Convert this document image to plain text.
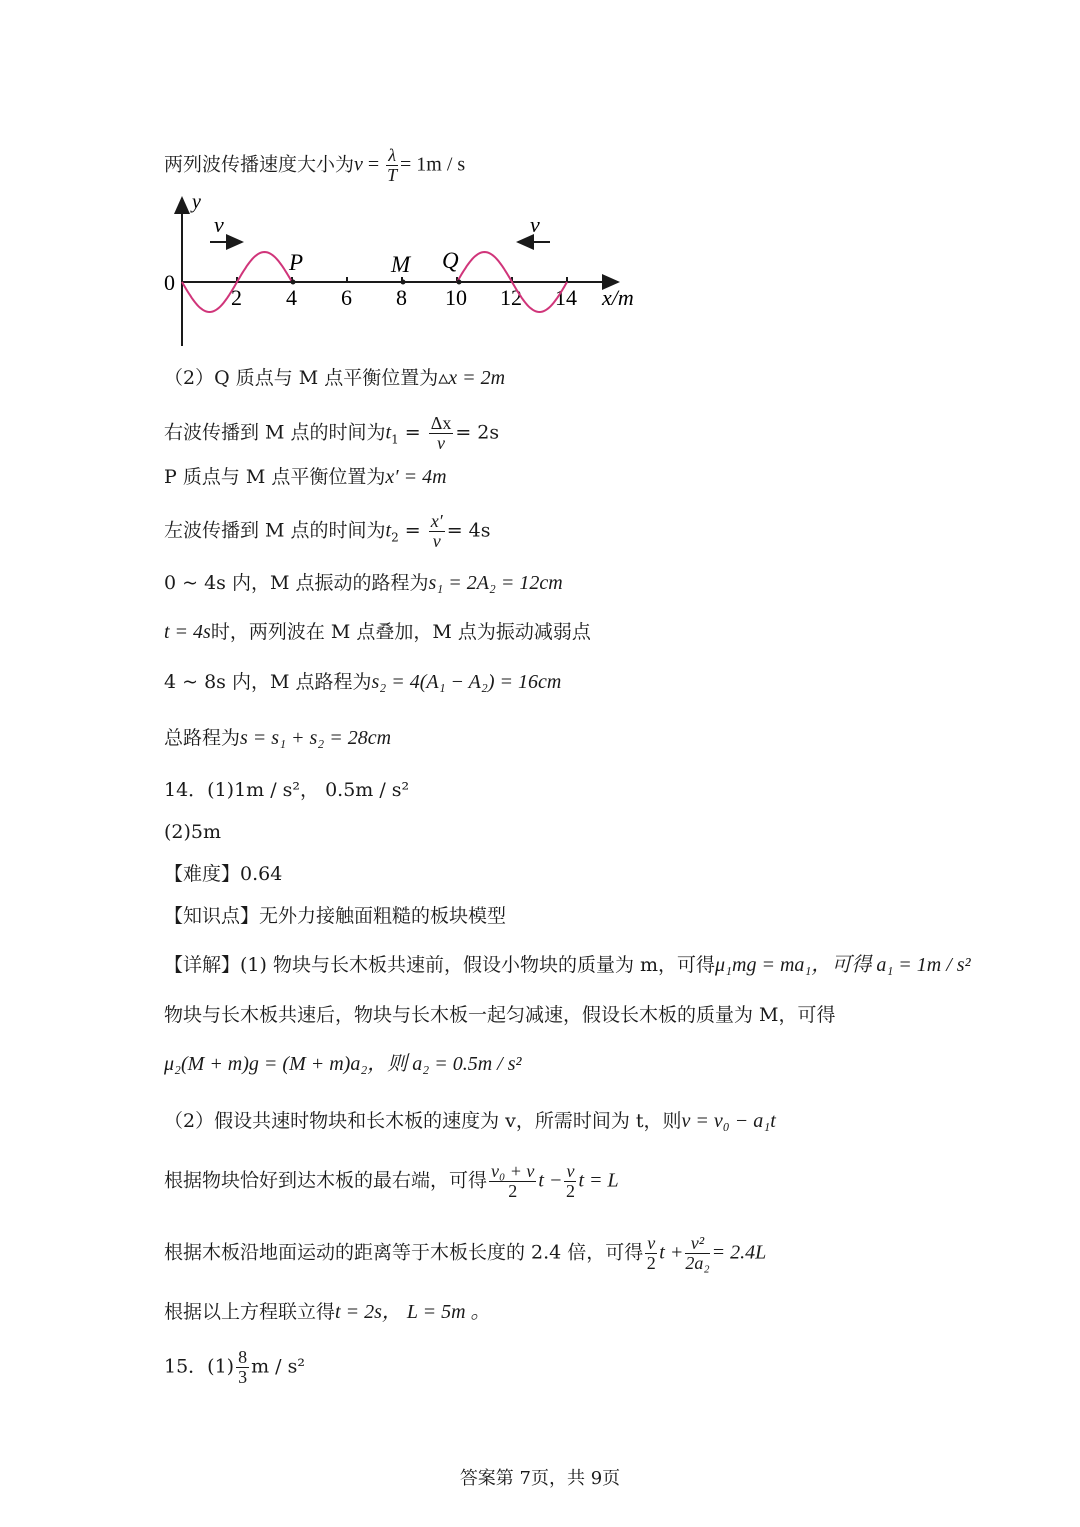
两列波传播速度大小为$v = \frac{\lambda}{T} = 1m / s$
y
0
x/m
2 4 6 8 10 12 14
P	M Q
v	v
（2）Q 质点与 M 点平衡位置为▵x = 2m
右波传播到 M 点的时间为$t_1 = \frac{\Delta x}{v} = 2s$
P 质点与 M 点平衡位置为x′ = 4m
左波传播到 M 点的时间为$t_2 = \frac{x'}{v} = 4s$
0 ~ 4s 内，M 点振动的路程为s₁ = 2A₂ = 12cm
t = 4s时，两列波在 M 点叠加，M 点为振动减弱点
4 ~ 8s 内，M 点路程为s₂ = 4(A₁ − A₂) = 16cm
总路程为s = s₁ + s₂ = 28cm
14．(1)1m / s²， 0.5m / s²
(2)5m
【难度】0.64
【知识点】无外力接触面粗糙的板块模型
【详解】(1) 物块与长木板共速前，假设小物块的质量为 m，可得μ₁mg = ma₁，可得 a₁ = 1m / s²
物块与长木板共速后，物块与长木板一起匀减速，假设长木板的质量为 M，可得
μ₂(M + m)g = (M + m)a₂，则 a₂ = 0.5m / s²
（2）假设共速时物块和长木板的速度为 v，所需时间为 t，则v = v₀ − a₁t
根据物块恰好到达木板的最右端，可得 $\frac{\text{v₀ + v}}{2}$ $t - \frac{v}{2}$ t = L
根据木板沿地面运动的距离等于木板长度的 2.4 倍，可得 $\frac{v}{2}$ $t + \frac{\text{v²}}{\text{2a₂}} = 2.4L$
根据以上方程联立得t = 2s， L = 5m 。
15．$(1) \frac{8}{3}$ m / s²
答案第 7页，共 9页
